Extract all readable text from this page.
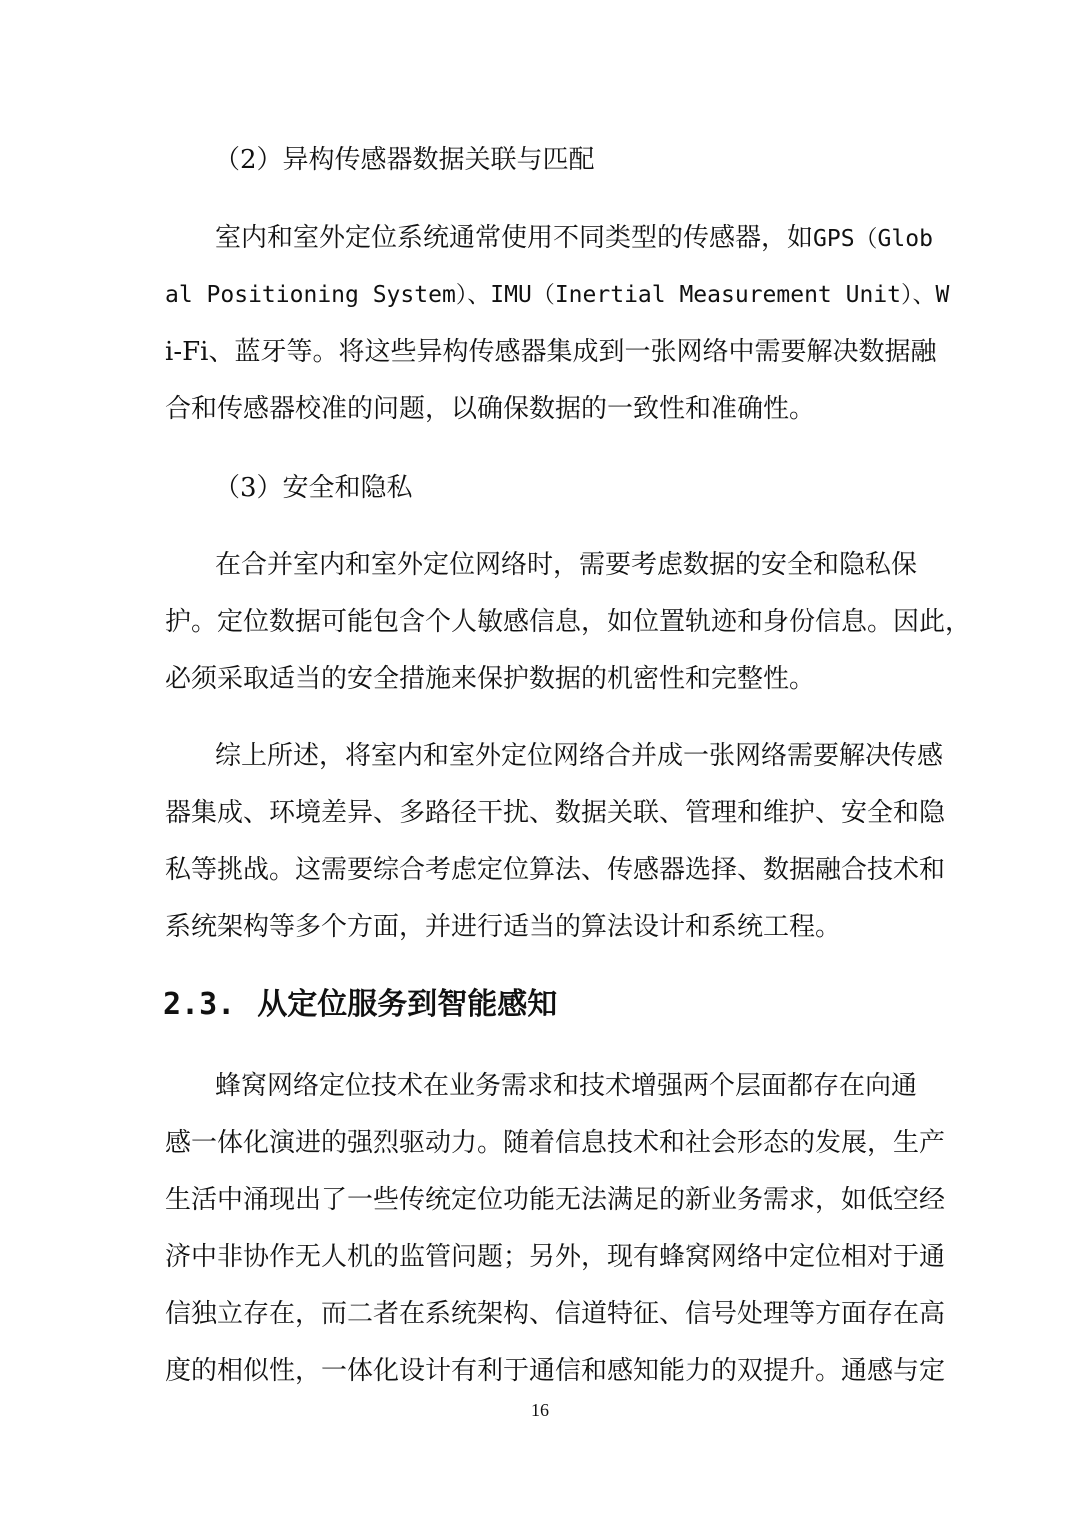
（2）异构传感器数据关联与匹配
室内和室外定位系统通常使用不同类型的传感器，如GPS（Glob
al Positioning System）、IMU（Inertial Measurement Unit）、W
i-Fi、蓝牙等。将这些异构传感器集成到一张网络中需要解决数据融
合和传感器校准的问题，以确保数据的一致性和准确性。
（3）安全和隐私
在合并室内和室外定位网络时，需要考虑数据的安全和隐私保
护。定位数据可能包含个人敏感信息，如位置轨迹和身份信息。因此，
必须采取适当的安全措施来保护数据的机密性和完整性。
综上所述，将室内和室外定位网络合并成一张网络需要解决传感
器集成、环境差异、多路径干扰、数据关联、管理和维护、安全和隐
私等挑战。这需要综合考虑定位算法、传感器选择、数据融合技术和
系统架构等多个方面，并进行适当的算法设计和系统工程。
2.3. 从定位服务到智能感知
蜂窝网络定位技术在业务需求和技术增强两个层面都存在向通
感一体化演进的强烈驱动力。随着信息技术和社会形态的发展，生产
生活中涌现出了一些传统定位功能无法满足的新业务需求，如低空经
济中非协作无人机的监管问题；另外，现有蜂窝网络中定位相对于通
信独立存在，而二者在系统架构、信道特征、信号处理等方面存在高
度的相似性，一体化设计有利于通信和感知能力的双提升。通感与定
16
